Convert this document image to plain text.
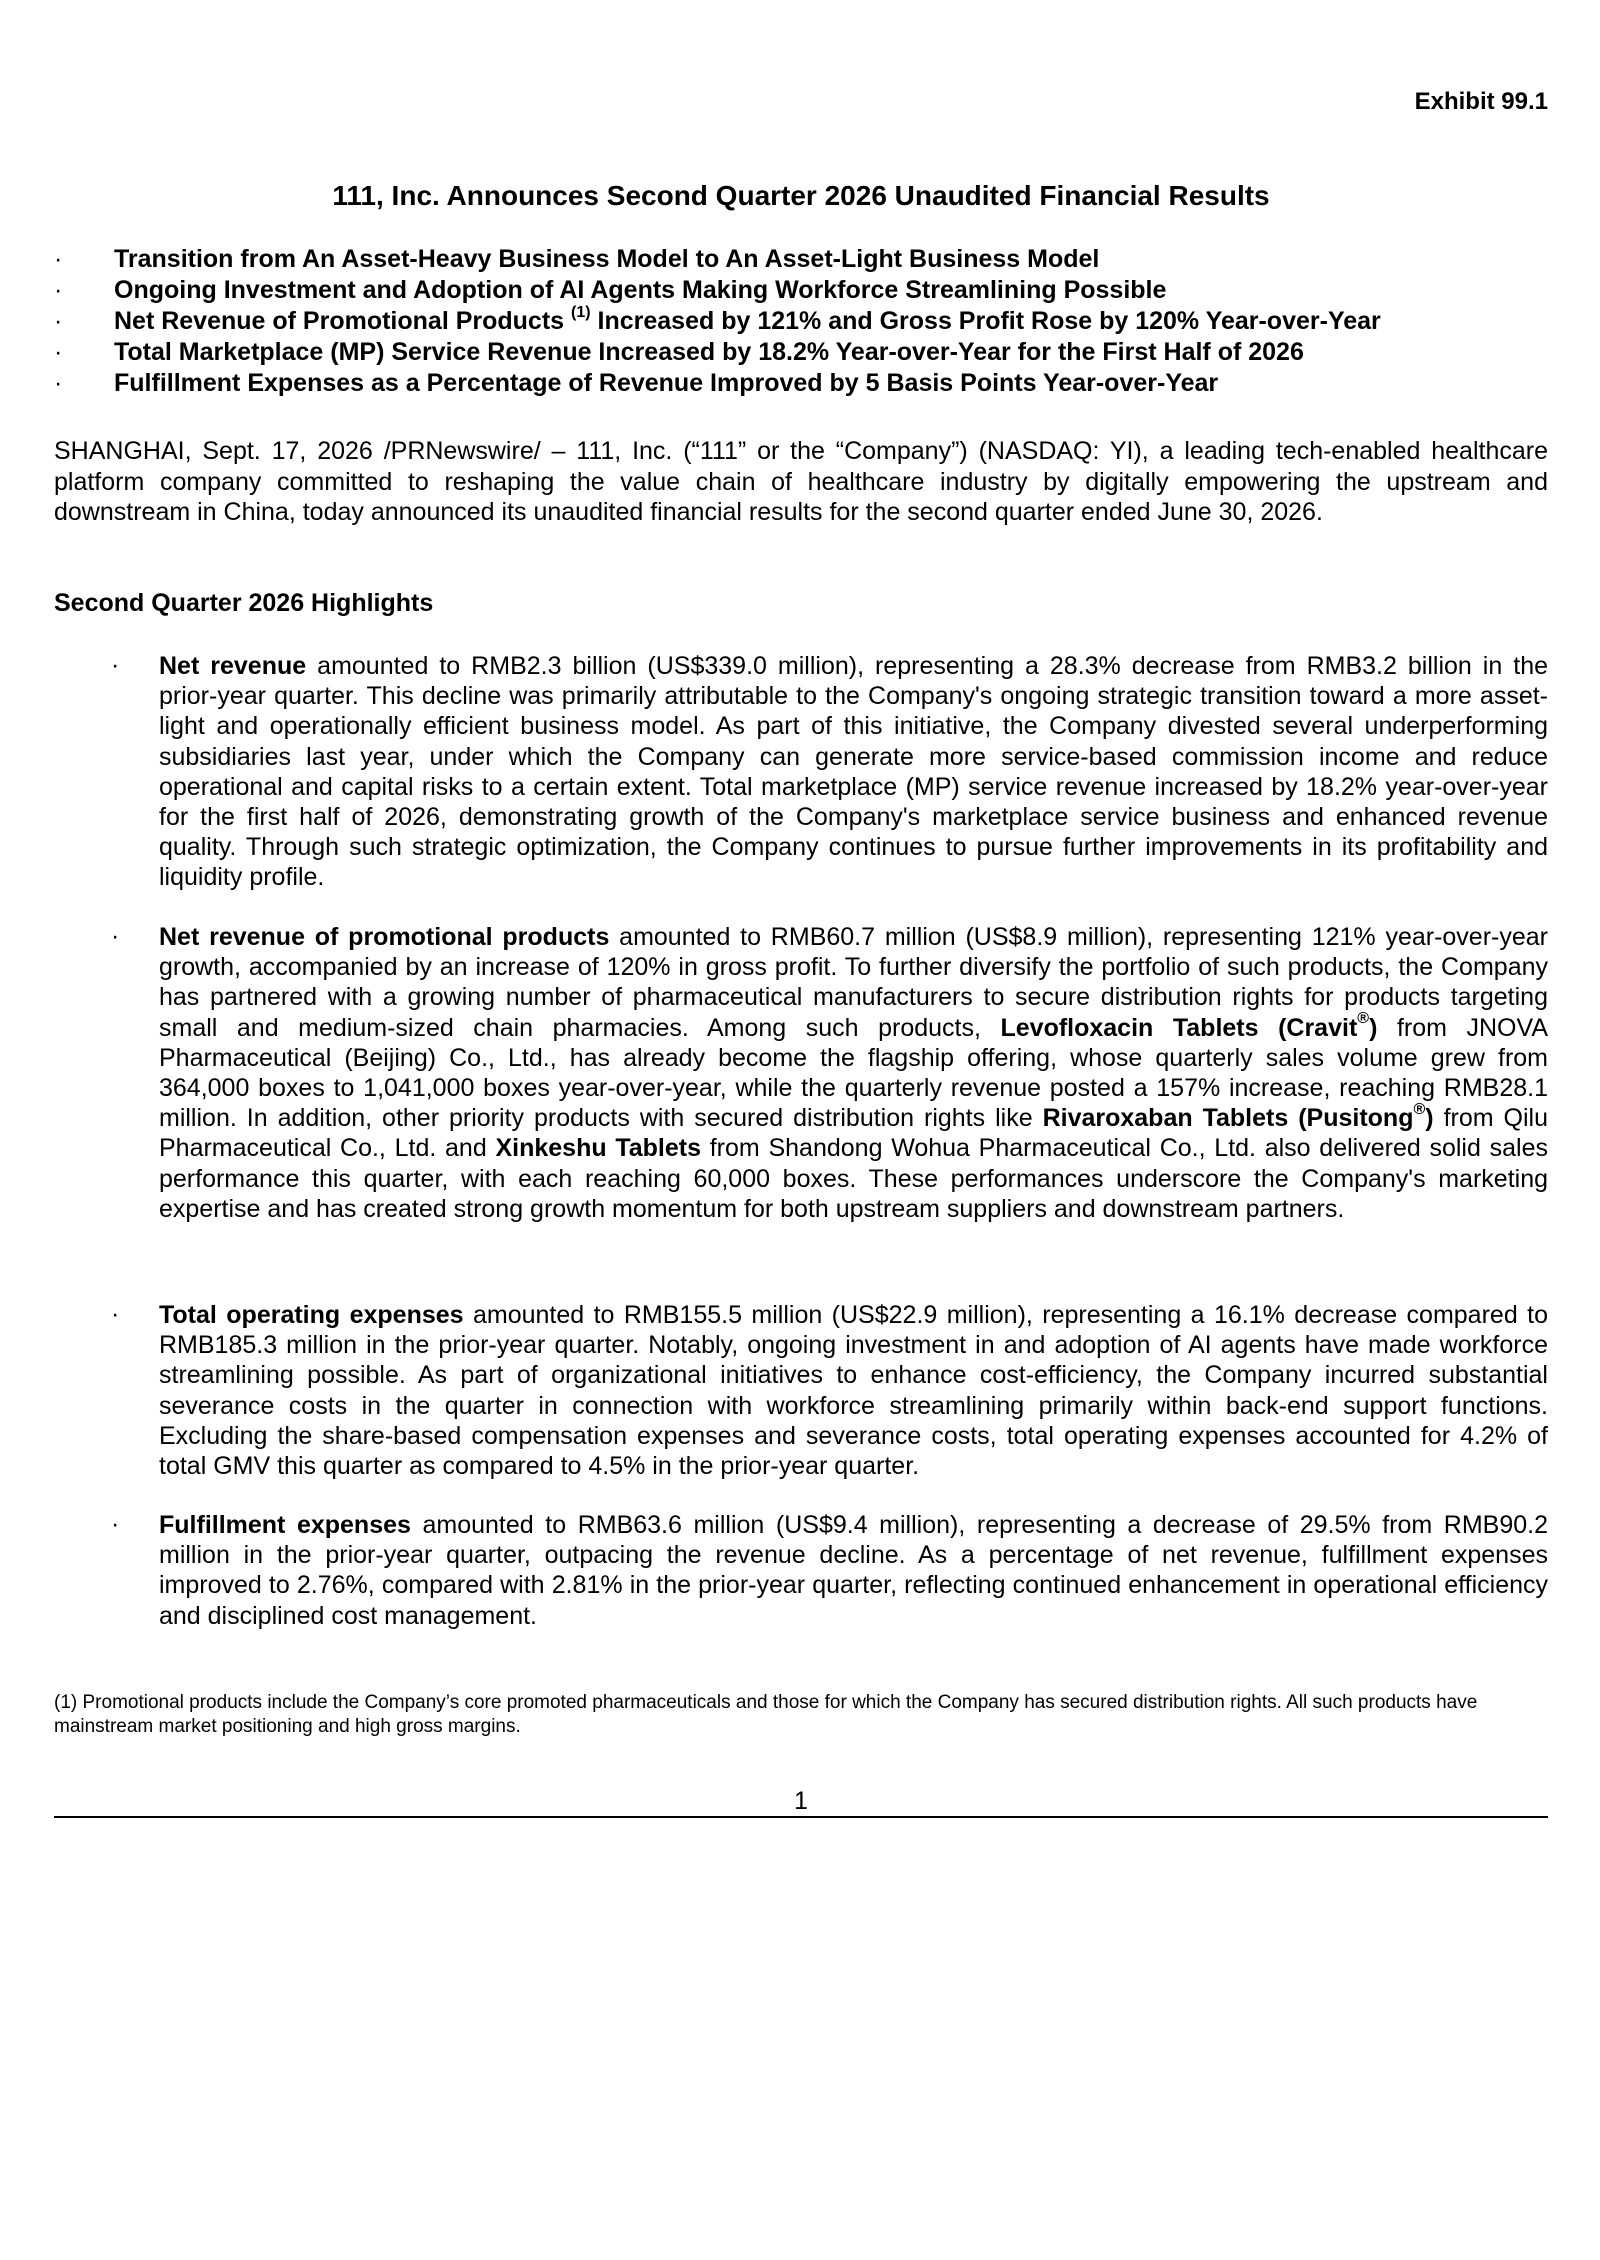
Exhibit 99.1
111, Inc. Announces Second Quarter 2026 Unaudited Financial Results
· Transition from An Asset-Heavy Business Model to An Asset-Light Business Model
· Ongoing Investment and Adoption of AI Agents Making Workforce Streamlining Possible
· Net Revenue of Promotional Products $^{(1)}$ Increased by 121% and Gross Profit Rose by 120% Year-over-Year
· Total Marketplace (MP) Service Revenue Increased by 18.2% Year-over-Year for the First Half of 2026
· Fulfillment Expenses as a Percentage of Revenue Improved by 5 Basis Points Year-over-Year

SHANGHAI, Sept. 17, 2026 /PRNewswire/ – 111, Inc. (“111” or the “Company”) (NASDAQ: YI), a leading tech-enabled healthcare platform company committed to reshaping the value chain of healthcare industry by digitally empowering the upstream and downstream in China, today announced its unaudited financial results for the second quarter ended June 30, 2026.

Second Quarter 2026 Highlights

· Net revenue amounted to RMB2.3 billion (US$339.0 million), representing a 28.3% decrease from RMB3.2 billion in the prior-year quarter. This decline was primarily attributable to the Company's ongoing strategic transition toward a more asset-light and operationally efficient business model. As part of this initiative, the Company divested several underperforming subsidiaries last year, under which the Company can generate more service-based commission income and reduce operational and capital risks to a certain extent. Total marketplace (MP) service revenue increased by 18.2% year-over-year for the first half of 2026, demonstrating growth of the Company's marketplace service business and enhanced revenue quality. Through such strategic optimization, the Company continues to pursue further improvements in its profitability and liquidity profile.

· Net revenue of promotional products amounted to RMB60.7 million (US$8.9 million), representing 121% year-over-year growth, accompanied by an increase of 120% in gross profit. To further diversify the portfolio of such products, the Company has partnered with a growing number of pharmaceutical manufacturers to secure distribution rights for products targeting small and medium-sized chain pharmacies. Among such products, Levofloxacin Tablets (Cravit®) from JNOVA Pharmaceutical (Beijing) Co., Ltd., has already become the flagship offering, whose quarterly sales volume grew from 364,000 boxes to 1,041,000 boxes year-over-year, while the quarterly revenue posted a 157% increase, reaching RMB28.1 million. In addition, other priority products with secured distribution rights like Rivaroxaban Tablets (Pusitong®) from Qilu Pharmaceutical Co., Ltd. and Xinkeshu Tablets from Shandong Wohua Pharmaceutical Co., Ltd. also delivered solid sales performance this quarter, with each reaching 60,000 boxes. These performances underscore the Company's marketing expertise and has created strong growth momentum for both upstream suppliers and downstream partners.

· Total operating expenses amounted to RMB155.5 million (US$22.9 million), representing a 16.1% decrease compared to RMB185.3 million in the prior-year quarter. Notably, ongoing investment in and adoption of AI agents have made workforce streamlining possible. As part of organizational initiatives to enhance cost-efficiency, the Company incurred substantial severance costs in the quarter in connection with workforce streamlining primarily within back-end support functions. Excluding the share-based compensation expenses and severance costs, total operating expenses accounted for 4.2% of total GMV this quarter as compared to 4.5% in the prior-year quarter.

· Fulfillment expenses amounted to RMB63.6 million (US$9.4 million), representing a decrease of 29.5% from RMB90.2 million in the prior-year quarter, outpacing the revenue decline. As a percentage of net revenue, fulfillment expenses improved to 2.76%, compared with 2.81% in the prior-year quarter, reflecting continued enhancement in operational efficiency and disciplined cost management.

(1) Promotional products include the Company’s core promoted pharmaceuticals and those for which the Company has secured distribution rights. All such products have mainstream market positioning and high gross margins.

1
